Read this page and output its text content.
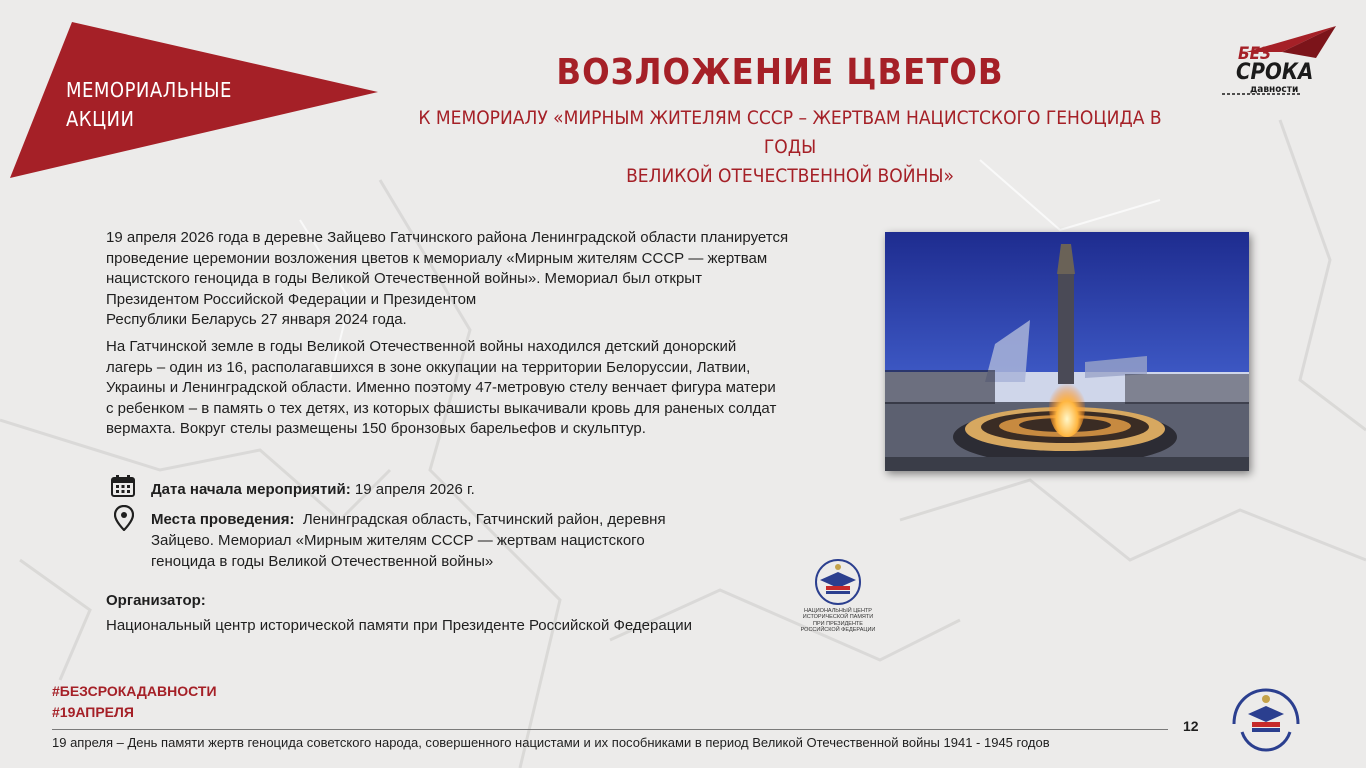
МЕМОРИАЛЬНЫЕ
АКЦИИ
ВОЗЛОЖЕНИЕ ЦВЕТОВ
К МЕМОРИАЛУ «МИРНЫМ ЖИТЕЛЯМ СССР – ЖЕРТВАМ НАЦИСТСКОГО ГЕНОЦИДА В ГОДЫ
ВЕЛИКОЙ ОТЕЧЕСТВЕННОЙ ВОЙНЫ»
БЕЗ
СРОКА
давности
19 апреля 2026 года в деревне Зайцево Гатчинского района Ленинградской области планируется
проведение церемонии возложения цветов к мемориалу «Мирным жителям СССР — жертвам
нацистского геноцида в годы Великой Отечественной войны». Мемориал был открыт
Президентом Российской Федерации и Президентом
Республики Беларусь 27 января 2024 года.
На Гатчинской земле в годы Великой Отечественной войны находился детский донорский
лагерь – один из 16, располагавшихся в зоне оккупации на территории Белоруссии, Латвии,
Украины и Ленинградской области. Именно поэтому 47-метровую стелу венчает фигура матери
с ребенком – в память о тех детях, из которых фашисты выкачивали кровь для раненых солдат
вермахта. Вокруг стелы размещены 150 бронзовых барельефов и скульптур.
Дата начала мероприятий: 19 апреля 2026 г.
Места проведения: Ленинградская область, Гатчинский район, деревня
Зайцево. Мемориал «Мирным жителям СССР — жертвам нацистского
геноцида в годы Великой Отечественной войны»
Организатор:
Национальный центр исторической памяти при Президенте Российской Федерации
НАЦИОНАЛЬНЫЙ ЦЕНТР
ИСТОРИЧЕСКОЙ ПАМЯТИ
ПРИ ПРЕЗИДЕНТЕ
РОССИЙСКОЙ ФЕДЕРАЦИИ
#БЕЗСРОКАДАВНОСТИ
#19АПРЕЛЯ
19 апреля – День памяти жертв геноцида советского народа, совершенного нацистами и их пособниками в период Великой Отечественной войны 1941 - 1945 годов
12
